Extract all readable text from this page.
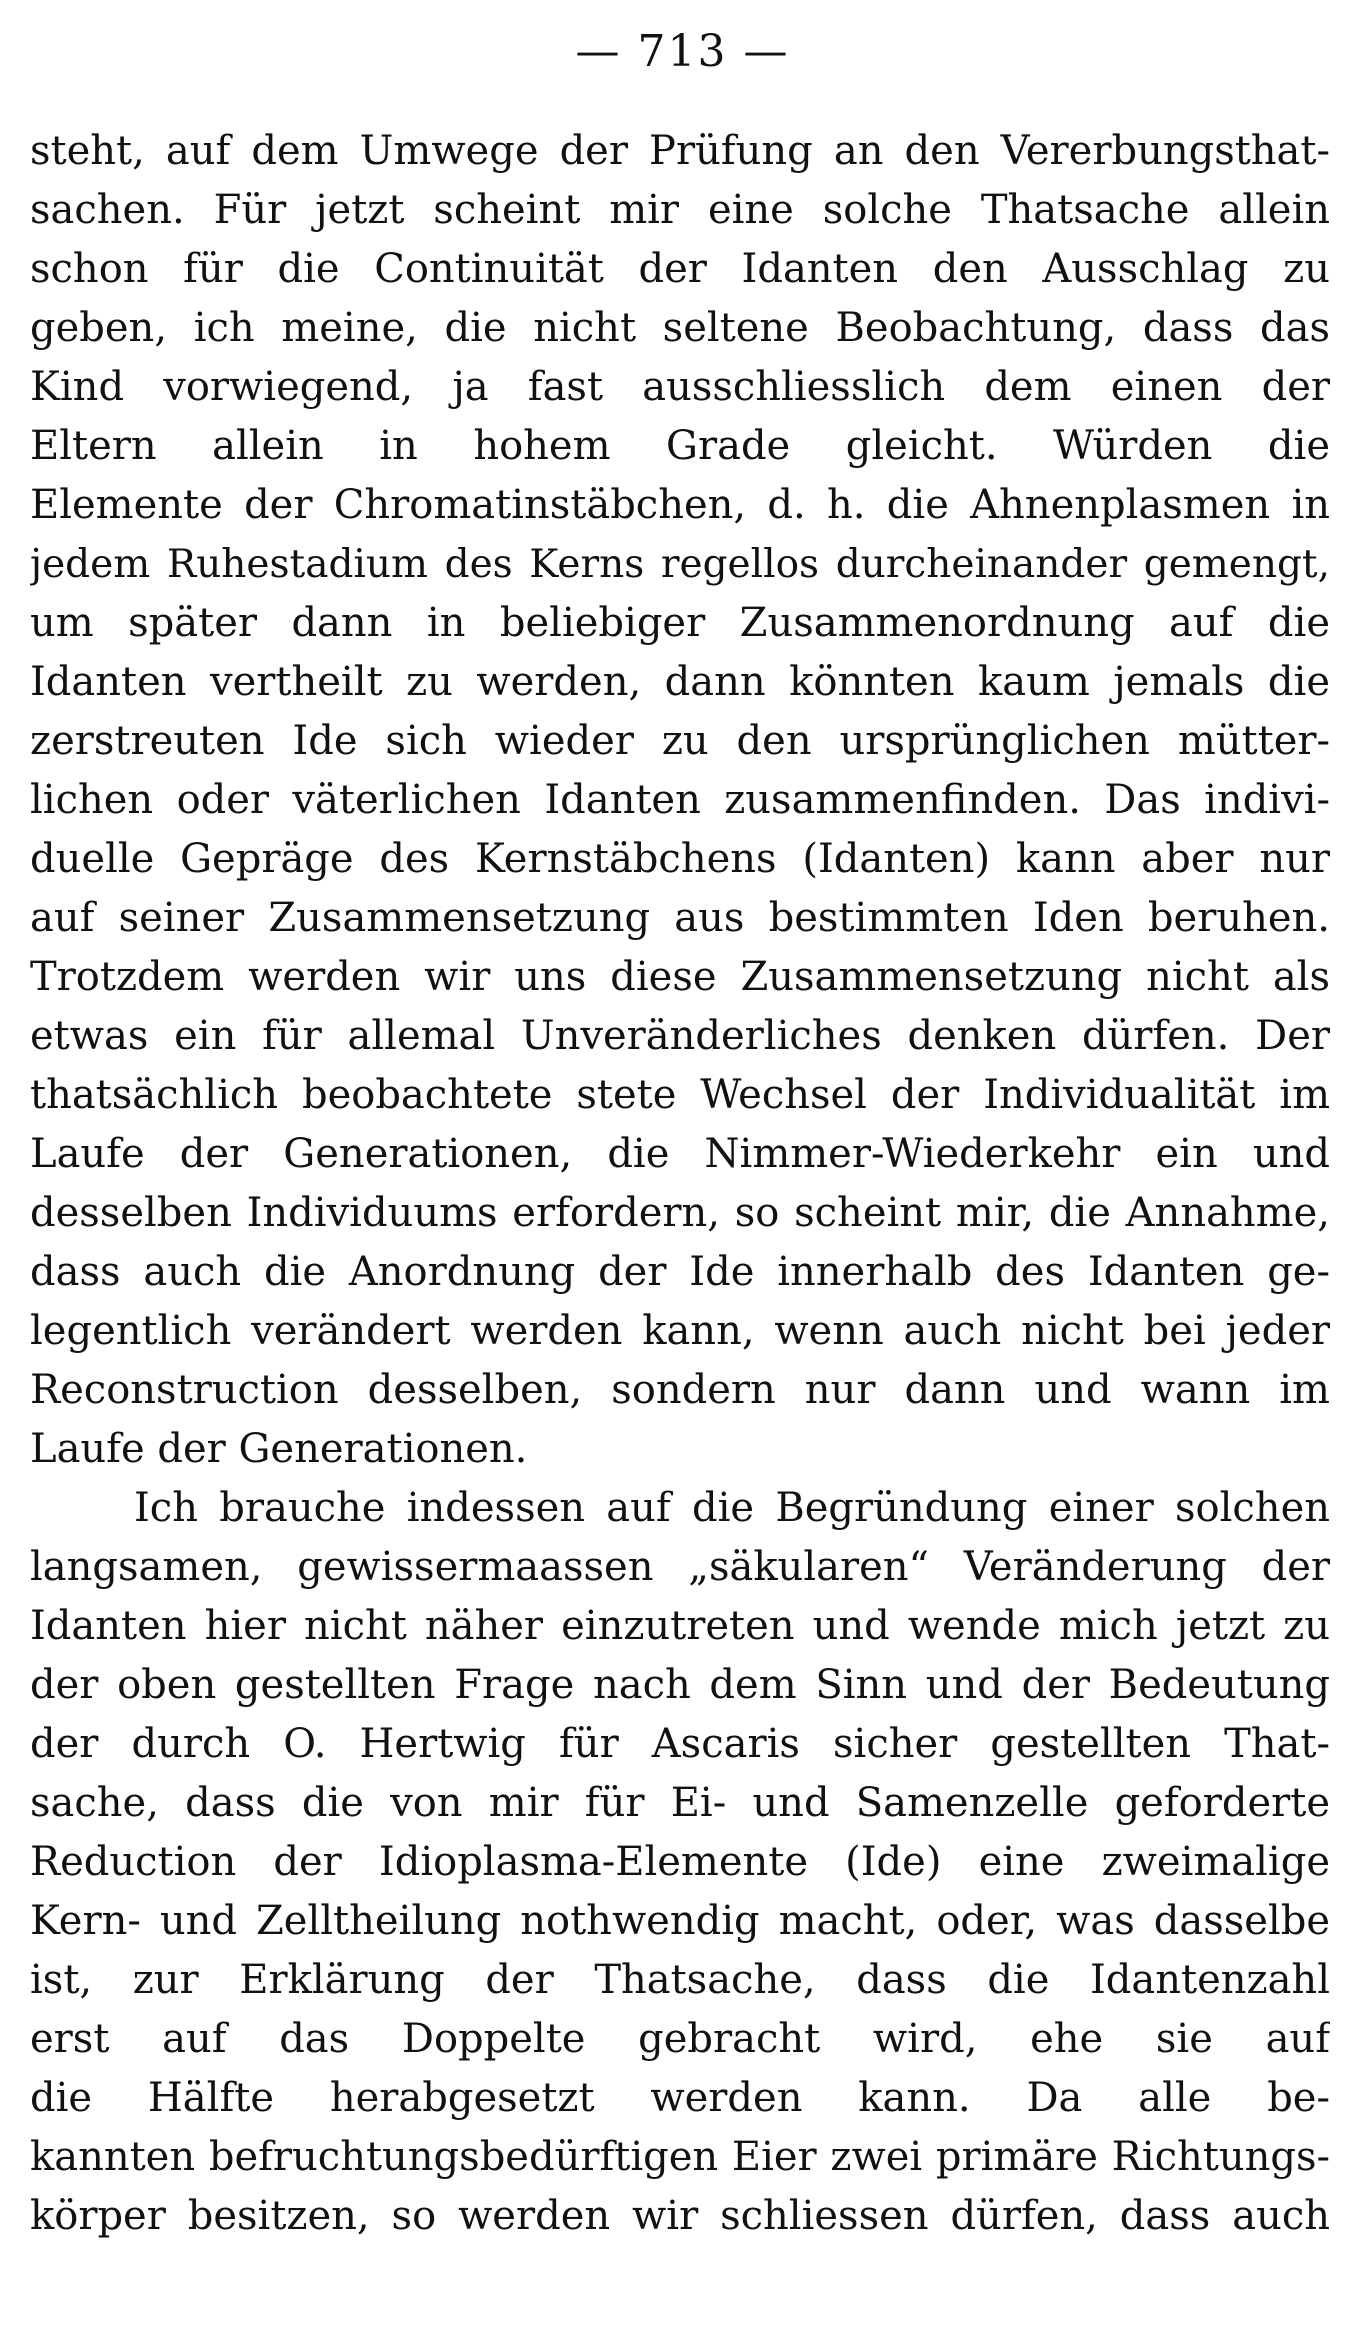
— 713 —
steht, auf dem Umwege der Prüfung an den Vererbungsthat-
sachen. Für jetzt scheint mir eine solche Thatsache allein
schon für die Continuität der Idanten den Ausschlag zu
geben, ich meine, die nicht seltene Beobachtung, dass das
Kind vorwiegend, ja fast ausschliesslich dem einen der
Eltern allein in hohem Grade gleicht. Würden die
Elemente der Chromatinstäbchen, d. h. die Ahnenplasmen in
jedem Ruhestadium des Kerns regellos durcheinander gemengt,
um später dann in beliebiger Zusammenordnung auf die
Idanten vertheilt zu werden, dann könnten kaum jemals die
zerstreuten Ide sich wieder zu den ursprünglichen mütter-
lichen oder väterlichen Idanten zusammenfinden. Das indivi-
duelle Gepräge des Kernstäbchens (Idanten) kann aber nur
auf seiner Zusammensetzung aus bestimmten Iden beruhen.
Trotzdem werden wir uns diese Zusammensetzung nicht als
etwas ein für allemal Unveränderliches denken dürfen. Der
thatsächlich beobachtete stete Wechsel der Individualität im
Laufe der Generationen, die Nimmer-Wiederkehr ein und
desselben Individuums erfordern, so scheint mir, die Annahme,
dass auch die Anordnung der Ide innerhalb des Idanten ge-
legentlich verändert werden kann, wenn auch nicht bei jeder
Reconstruction desselben, sondern nur dann und wann im
Laufe der Generationen.
Ich brauche indessen auf die Begründung einer solchen
langsamen, gewissermaassen „säkularen“ Veränderung der
Idanten hier nicht näher einzutreten und wende mich jetzt zu
der oben gestellten Frage nach dem Sinn und der Bedeutung
der durch O. Hertwig für Ascaris sicher gestellten That-
sache, dass die von mir für Ei- und Samenzelle geforderte
Reduction der Idioplasma-Elemente (Ide) eine zweimalige
Kern- und Zelltheilung nothwendig macht, oder, was dasselbe
ist, zur Erklärung der Thatsache, dass die Idantenzahl
erst auf das Doppelte gebracht wird, ehe sie auf
die Hälfte herabgesetzt werden kann. Da alle be-
kannten befruchtungsbedürftigen Eier zwei primäre Richtungs-
körper besitzen, so werden wir schliessen dürfen, dass auch
